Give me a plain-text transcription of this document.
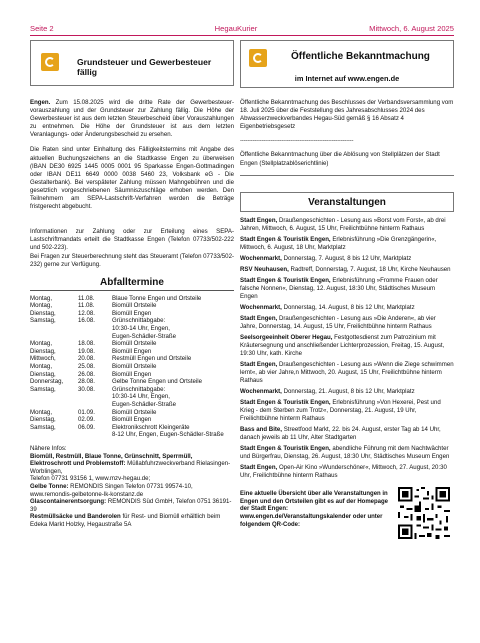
Seite 2	HegauKurier	Mittwoch, 6. August 2025
Grundsteuer und Gewerbesteuer fällig

Engen. Zum 15.08.2025 wird die dritte Rate der Gewerbesteuer-vorauszahlung und der Grundsteuer zur Zahlung fällig. Die Höhe der Gewerbesteuer ist aus dem letzten Steuerbescheid über Vorauszahlungen zu entnehmen. Die Höhe der Grundsteuer ist aus dem letzten Veranlagungs- oder Änderungsbescheid zu ersehen.

Die Raten sind unter Einhaltung des Fälligkeitstermins mit Angabe des aktuellen Buchungszeichens an die Stadtkasse Engen zu überweisen (IBAN DE30 6925 1445 0005 0001 95 Sparkasse Engen-Gottmadingen oder IBAN DE11 6649 0000 0038 5460 23, Volksbank eG - Die Gestalterbank). Bei verspäteter Zahlung müssen Mahngebühren und die gesetzlich vorgeschriebenen Säumniszuschläge erhoben werden. Den Teilnehmern am SEPA-Lastschrift-Verfahren werden die Beträge fristgerecht abgebucht.

Informationen zur Zahlung oder zur Erteilung eines SEPA-Lastschriftmandats erteilt die Stadtkasse Engen (Telefon 07733/502-222 und 502-223).

Bei Fragen zur Steuerberechnung steht das Steueramt (Telefon 07733/502-232) gerne zur Verfügung.

Abfalltermine
Montag,	11.08.	Blaue Tonne Engen und Ortsteile
Montag,	11.08.	Biomüll Ortsteile
Dienstag,	12.08.	Biomüll Engen
Samstag,	16.08.	Grünschnittabgabe:
		10:30-14 Uhr, Engen,
		Eugen-Schädler-Straße
Montag,	18.08.	Biomüll Ortsteile
Dienstag,	19.08.	Biomüll Engen
Mittwoch,	20.08.	Restmüll Engen und Ortsteile
Montag,	25.08.	Biomüll Ortsteile
Dienstag,	26.08.	Biomüll Engen
Donnerstag,	28.08.	Gelbe Tonne Engen und Ortsteile
Samstag,	30.08.	Grünschnittabgabe:
		10:30-14 Uhr, Engen,
		Eugen-Schädler-Straße
Montag,	01.09.	Biomüll Ortsteile
Dienstag,	02.09.	Biomüll Engen
Samstag,	06.09.	Elektronikschrott Kleingeräte
		8-12 Uhr, Engen, Eugen-Schädler-Straße
Nähere Infos:
Biomüll, Restmüll, Blaue Tonne, Grünschnitt, Sperrmüll, Elektroschrott und Problemstoff: Müllabfuhrzweckverband Rielasingen-Worblingen,
Telefon 07731 93156 1, www.mzv-hegau.de;
Gelbe Tonne: REMONDIS Singen Telefon 07731 99574-10, www.remondis-gelbetonne-lk-konstanz.de
Glascontainerentsorgung: REMONDIS Süd GmbH, Telefon 0751 36191-39
Restmüllsäcke und Banderolen für Rest- und Biomüll erhältlich beim Edeka Markt Holzky, Hegaustraße 5A
Öffentliche Bekanntmachung
im Internet auf www.engen.de

Öffentliche Bekanntmachung des Beschlusses der Verbandsversammlung vom 18. Juli 2025 über die Feststellung des Jahresabschlusses 2024 des Abwasserzweckverbandes Hegau-Süd gemäß § 16 Absatz 4 Eigenbetriebsgesetz

---------------------------------------------------------------

Öffentliche Bekanntmachung über die Ablösung von Stellplätzen der Stadt Engen (Stellplatzablöserichtlinie)

Veranstaltungen
Stadt Engen, Draußengeschichten - Lesung aus »Borst vom Forst«, ab drei Jahren, Mittwoch, 6. August, 15 Uhr, Freilichtbühne hinterm Rathaus
Stadt Engen & Touristik Engen, Erlebnisführung »Die Grenzgängerin«, Mittwoch, 6. August, 18 Uhr, Marktplatz
Wochenmarkt, Donnerstag, 7. August, 8 bis 12 Uhr, Marktplatz
RSV Neuhausen, Radtreff, Donnerstag, 7. August, 18 Uhr, Kirche Neuhausen
Stadt Engen & Touristik Engen, Erlebnisführung »Fromme Frauen oder falsche Nonnen«, Dienstag, 12. August, 18:30 Uhr, Städtisches Museum Engen
Wochenmarkt, Donnerstag, 14. August, 8 bis 12 Uhr, Marktplatz
Stadt Engen, Draußengeschichten - Lesung aus »Die Anderen«, ab vier Jahre, Donnerstag, 14. August, 15 Uhr, Freilichtbühne hinterm Rathaus
Seelsorgeeinheit Oberer Hegau, Festgottesdienst zum Patrozinium mit Kräutersegnung und anschließender Lichterprozession, Freitag, 15. August, 19:30 Uhr, kath. Kirche
Stadt Engen, Draußengeschichten - Lesung aus »Wenn die Ziege schwimmen lernt«, ab vier Jahre,n Mittwoch, 20. August, 15 Uhr, Freilichtbühne hinterm Rathaus
Wochenmarkt, Donnerstag, 21. August, 8 bis 12 Uhr, Marktplatz
Stadt Engen & Touristik Engen, Erlebnisführung »Von Hexerei, Pest und Krieg - dem Sterben zum Trotz«, Donnerstag, 21. August, 19 Uhr, Freilichtbühne hinterm Rathaus
Bass and Bite, Streetfood Markt, 22. bis 24. August, erster Tag ab 14 Uhr, danach jeweils ab 11 Uhr, Alter Stadtgarten
Stadt Engen & Touristik Engen, abendliche Führung mit dem Nachtwächter und Bürgerfrau, Dienstag, 26. August, 18:30 Uhr, Städtisches Museum Engen
Stadt Engen, Open-Air Kino »Wunderschöner«, Mittwoch, 27. August, 20:30 Uhr, Freilichtbühne hinterm Rathaus
Eine aktuelle Übersicht über alle Veranstaltungen in Engen und den Ortsteilen gibt es auf der Homepage der Stadt Engen: www.engen.de/Veranstaltungskalender oder unter folgendem QR-Code:
